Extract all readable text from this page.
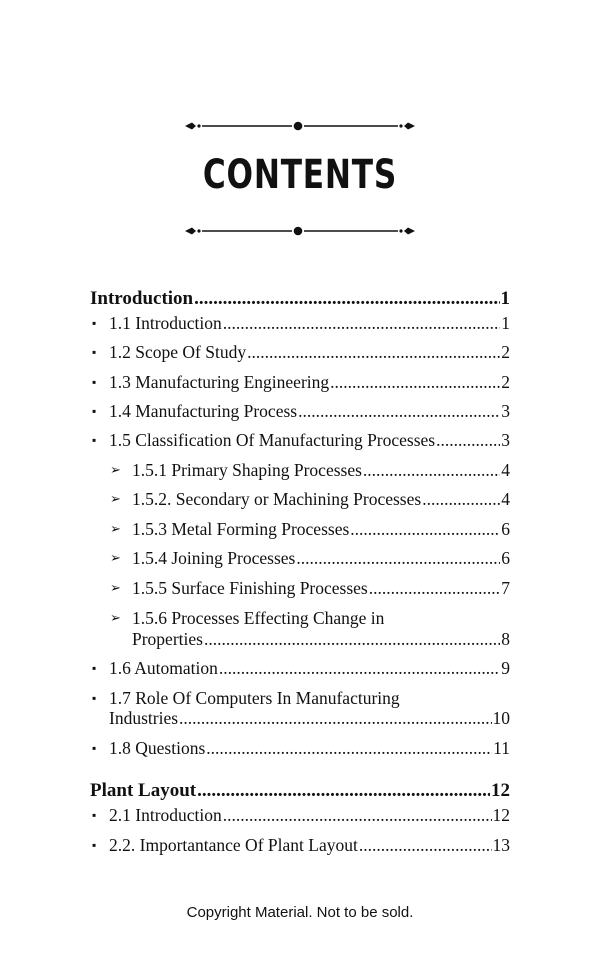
CONTENTS
Introduction .....	1
▪ 1.1 Introduction .....	1
▪ 1.2 Scope Of Study .....	2
▪ 1.3 Manufacturing Engineering .....	2
▪ 1.4 Manufacturing Process .....	3
▪ 1.5 Classification Of Manufacturing Processes .....	3
➢ 1.5.1 Primary Shaping Processes .....	4
➢ 1.5.2. Secondary or Machining Processes .....	4
➢ 1.5.3 Metal Forming Processes .....	6
➢ 1.5.4 Joining Processes .....	6
➢ 1.5.5 Surface Finishing Processes .....	7
➢ 1.5.6 Processes Effecting Change in
Properties .....	8
▪ 1.6 Automation .....	9
▪ 1.7 Role Of Computers In Manufacturing
Industries .....	10
▪ 1.8 Questions .....	11
Plant Layout .....	12
▪ 2.1 Introduction .....	12
▪ 2.2. Importantance Of Plant Layout .....	13
Copyright Material. Not to be sold.
